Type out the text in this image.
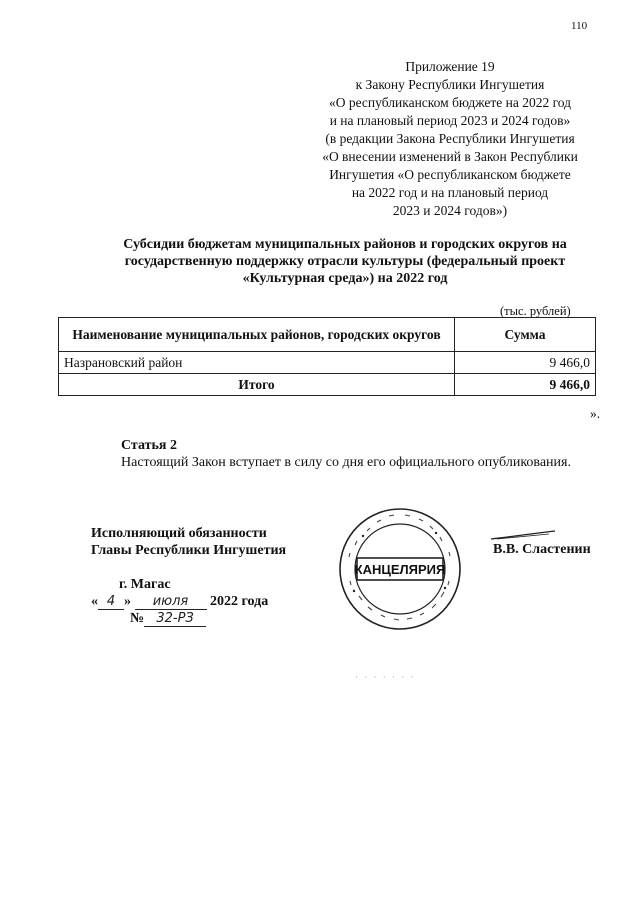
110
Приложение 19
к Закону Республики Ингушетия
«О республиканском бюджете на 2022 год
и на плановый период 2023 и 2024 годов»
(в редакции Закона Республики Ингушетия
«О внесении изменений в Закон Республики
Ингушетия «О республиканском бюджете
на 2022 год и на плановый период
2023 и 2024 годов»)
Субсидии бюджетам муниципальных районов и городских округов на государственную поддержку отрасли культуры (федеральный проект «Культурная среда») на 2022 год
(тыс. рублей)
Наименование муниципальных районов, городских округов	Сумма
Назрановский район	9 466,0
Итого	9 466,0
».
Статья 2
Настоящий Закон вступает в силу со дня его официального опубликования.
Исполняющий обязанности
Главы Республики Ингушетия	В.В. Сластенин
КАНЦЕЛЯРИЯ
г. Магас
« 4 » июля 2022 года
№ 32-РЗ
· · · · · · ·
